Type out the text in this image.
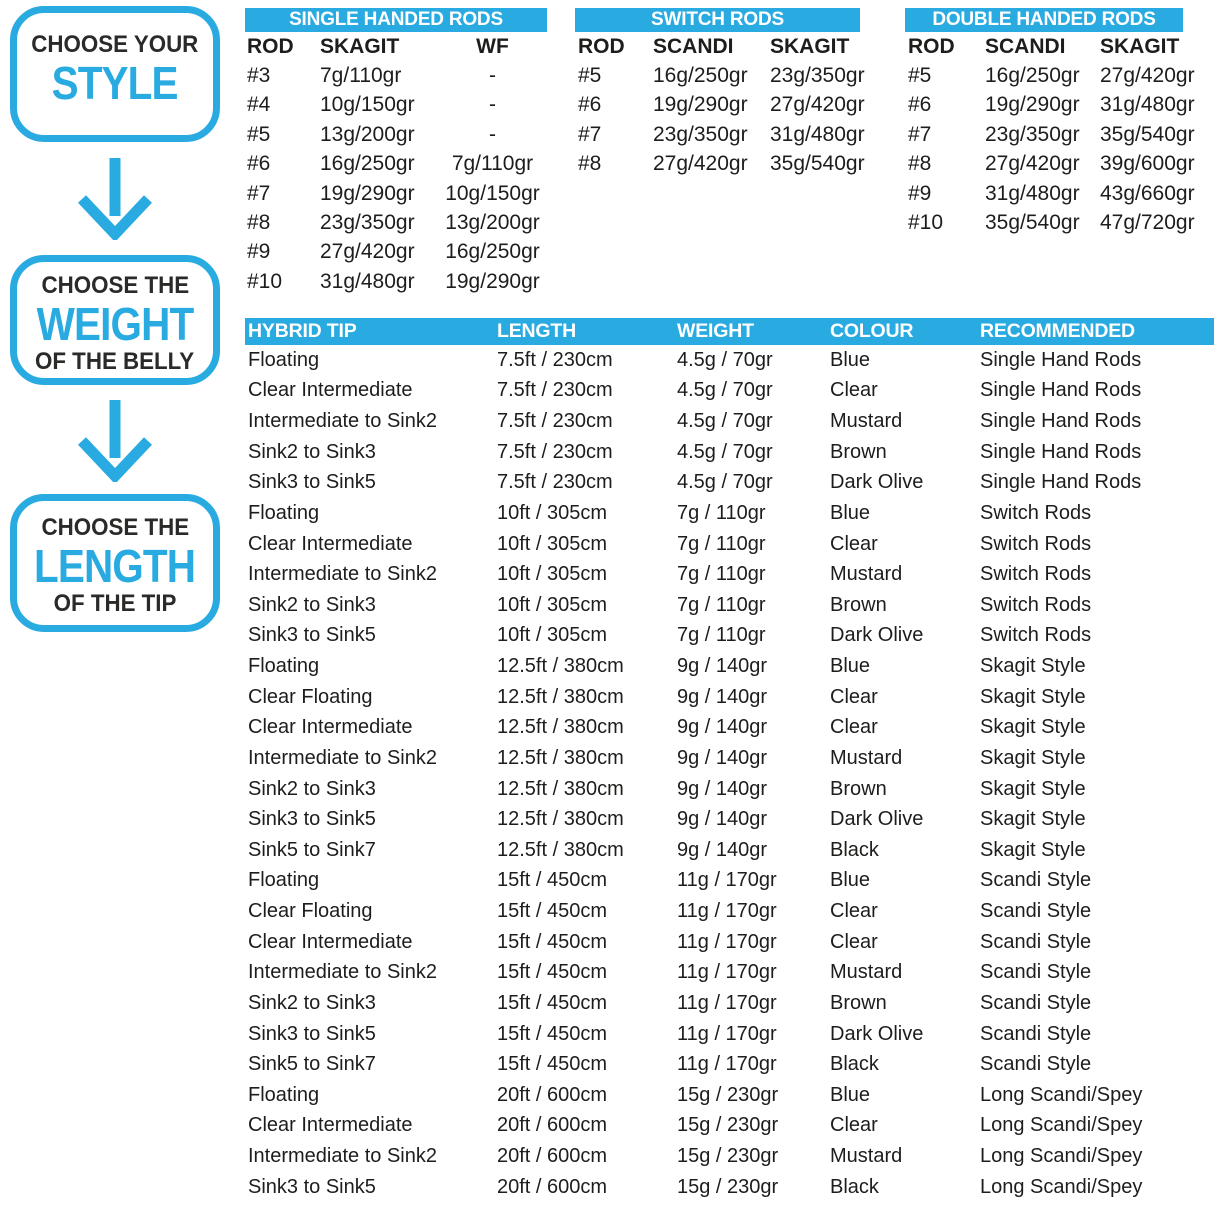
CHOOSE YOUR
STYLE
CHOOSE THE
WEIGHT
OF THE BELLY
CHOOSE THE
LENGTH
OF THE TIP
SINGLE HANDED RODS
ROD	SKAGIT	WF
#3	7g/110gr	-
#4	10g/150gr	-
#5	13g/200gr	-
#6	16g/250gr	7g/110gr
#7	19g/290gr	10g/150gr
#8	23g/350gr	13g/200gr
#9	27g/420gr	16g/250gr
#10	31g/480gr	19g/290gr
SWITCH RODS
ROD	SCANDI	SKAGIT
#5	16g/250gr	23g/350gr
#6	19g/290gr	27g/420gr
#7	23g/350gr	31g/480gr
#8	27g/420gr	35g/540gr
DOUBLE HANDED RODS
ROD	SCANDI	SKAGIT
#5	16g/250gr 27g/420gr
#6	19g/290gr 31g/480gr
#7	23g/350gr 35g/540gr
#8	27g/420gr 39g/600gr
#9	31g/480gr 43g/660gr
#10	35g/540gr 47g/720gr
HYBRID TIP	LENGTH	WEIGHT	COLOUR	RECOMMENDED
Floating	7.5ft / 230cm	4.5g / 70gr	Blue	Single Hand Rods
Clear Intermediate	7.5ft / 230cm	4.5g / 70gr	Clear	Single Hand Rods
Intermediate to Sink2	7.5ft / 230cm	4.5g / 70gr	Mustard	Single Hand Rods
Sink2 to Sink3	7.5ft / 230cm	4.5g / 70gr	Brown	Single Hand Rods
Sink3 to Sink5	7.5ft / 230cm	4.5g / 70gr	Dark Olive	Single Hand Rods
Floating	10ft / 305cm	7g / 110gr	Blue	Switch Rods
Clear Intermediate	10ft / 305cm	7g / 110gr	Clear	Switch Rods
Intermediate to Sink2	10ft / 305cm	7g / 110gr	Mustard	Switch Rods
Sink2 to Sink3	10ft / 305cm	7g / 110gr	Brown	Switch Rods
Sink3 to Sink5	10ft / 305cm	7g / 110gr	Dark Olive	Switch Rods
Floating	12.5ft / 380cm	9g / 140gr	Blue	Skagit Style
Clear Floating	12.5ft / 380cm	9g / 140gr	Clear	Skagit Style
Clear Intermediate	12.5ft / 380cm	9g / 140gr	Clear	Skagit Style
Intermediate to Sink2	12.5ft / 380cm	9g / 140gr	Mustard	Skagit Style
Sink2 to Sink3	12.5ft / 380cm	9g / 140gr	Brown	Skagit Style
Sink3 to Sink5	12.5ft / 380cm	9g / 140gr	Dark Olive	Skagit Style
Sink5 to Sink7	12.5ft / 380cm	9g / 140gr	Black	Skagit Style
Floating	15ft / 450cm	11g / 170gr	Blue	Scandi Style
Clear Floating	15ft / 450cm	11g / 170gr	Clear	Scandi Style
Clear Intermediate	15ft / 450cm	11g / 170gr	Clear	Scandi Style
Intermediate to Sink2	15ft / 450cm	11g / 170gr	Mustard	Scandi Style
Sink2 to Sink3	15ft / 450cm	11g / 170gr	Brown	Scandi Style
Sink3 to Sink5	15ft / 450cm	11g / 170gr	Dark Olive	Scandi Style
Sink5 to Sink7	15ft / 450cm	11g / 170gr	Black	Scandi Style
Floating	20ft / 600cm	15g / 230gr	Blue	Long Scandi/Spey
Clear Intermediate	20ft / 600cm	15g / 230gr	Clear	Long Scandi/Spey
Intermediate to Sink2	20ft / 600cm	15g / 230gr	Mustard	Long Scandi/Spey
Sink3 to Sink5	20ft / 600cm	15g / 230gr	Black	Long Scandi/Spey
